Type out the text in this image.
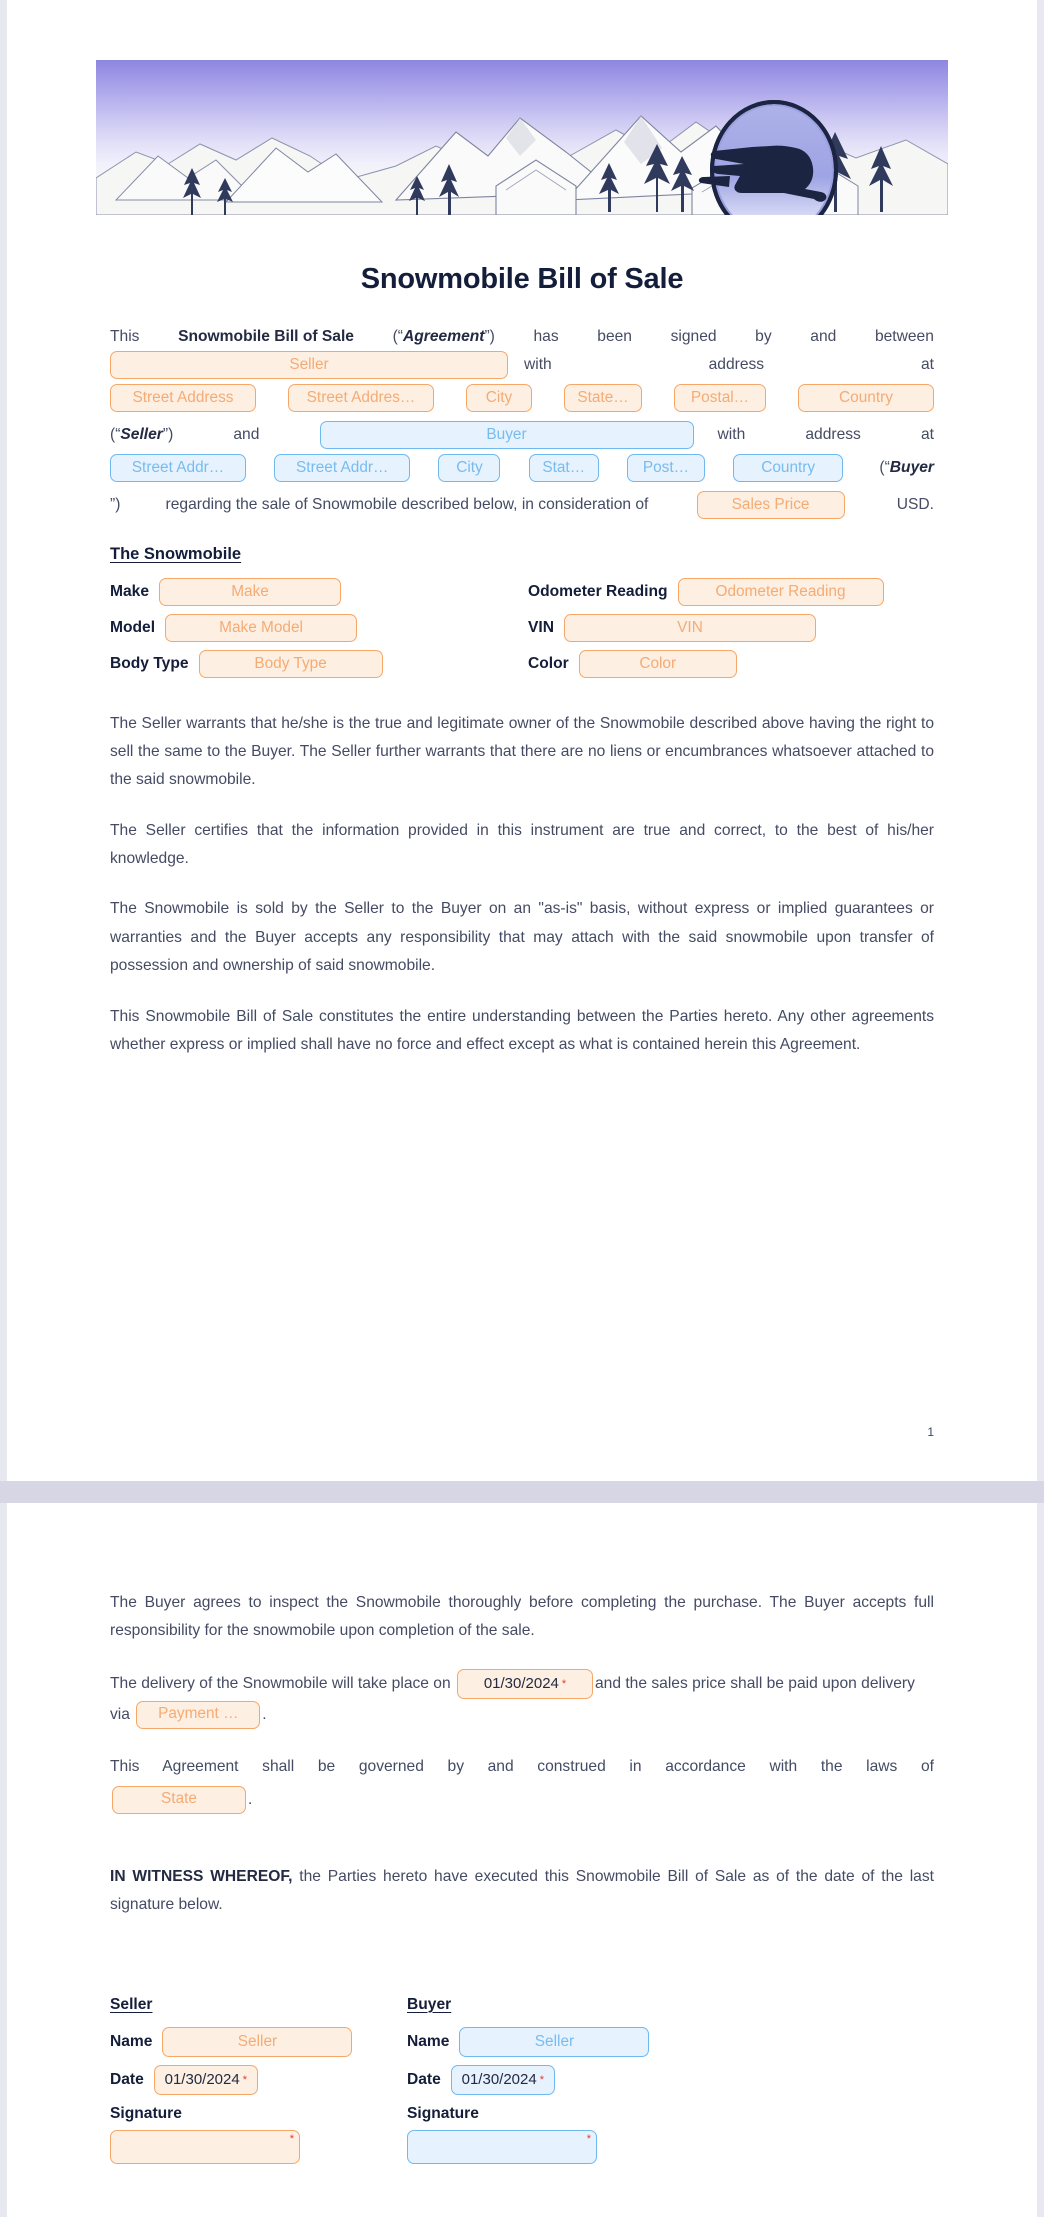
Snowmobile Bill of Sale
This Snowmobile Bill of Sale (“Agreement”) has been signed by and between
Seller	with	address	at
Street Address	Street Addres…	City	State…	Postal…	Country
(“Seller”)	and	Buyer	with	address	at
Street Addr…	Street Addr…	City	Stat…	Post…	Country	(“Buyer
”)	regarding the sale of Snowmobile described below, in consideration of	Sales Price	USD.
The Snowmobile
Make	Make	Odometer Reading	Odometer Reading
Model	Make Model	VIN	VIN
Body Type	Body Type	Color	Color

The Seller warrants that he/she is the true and legitimate owner of the Snowmobile described above having the right to sell the same to the Buyer. The Seller further warrants that there are no liens or encumbrances whatsoever attached to the said snowmobile.

The Seller certifies that the information provided in this instrument are true and correct, to the best of his/her knowledge.

The Snowmobile is sold by the Seller to the Buyer on an "as-is" basis, without express or implied guarantees or warranties and the Buyer accepts any responsibility that may attach with the said snowmobile upon transfer of possession and ownership of said snowmobile.

This Snowmobile Bill of Sale constitutes the entire understanding between the Parties hereto. Any other agreements whether express or implied shall have no force and effect except as what is contained herein this Agreement.

1

The Buyer agrees to inspect the Snowmobile thoroughly before completing the purchase. The Buyer accepts full responsibility for the snowmobile upon completion of the sale.

The delivery of the Snowmobile will take place on 01/30/2024 * and the sales price shall be paid upon delivery via Payment … .
This Agreement shall be governed by and construed in accordance with the laws of
State	.

IN WITNESS WHEREOF, the Parties hereto have executed this Snowmobile Bill of Sale as of the date of the last signature below.

Seller
Name	Seller
Date 01/30/2024 *
Signature
*
Buyer
Name	Seller
Date 01/30/2024 *
Signature
*
